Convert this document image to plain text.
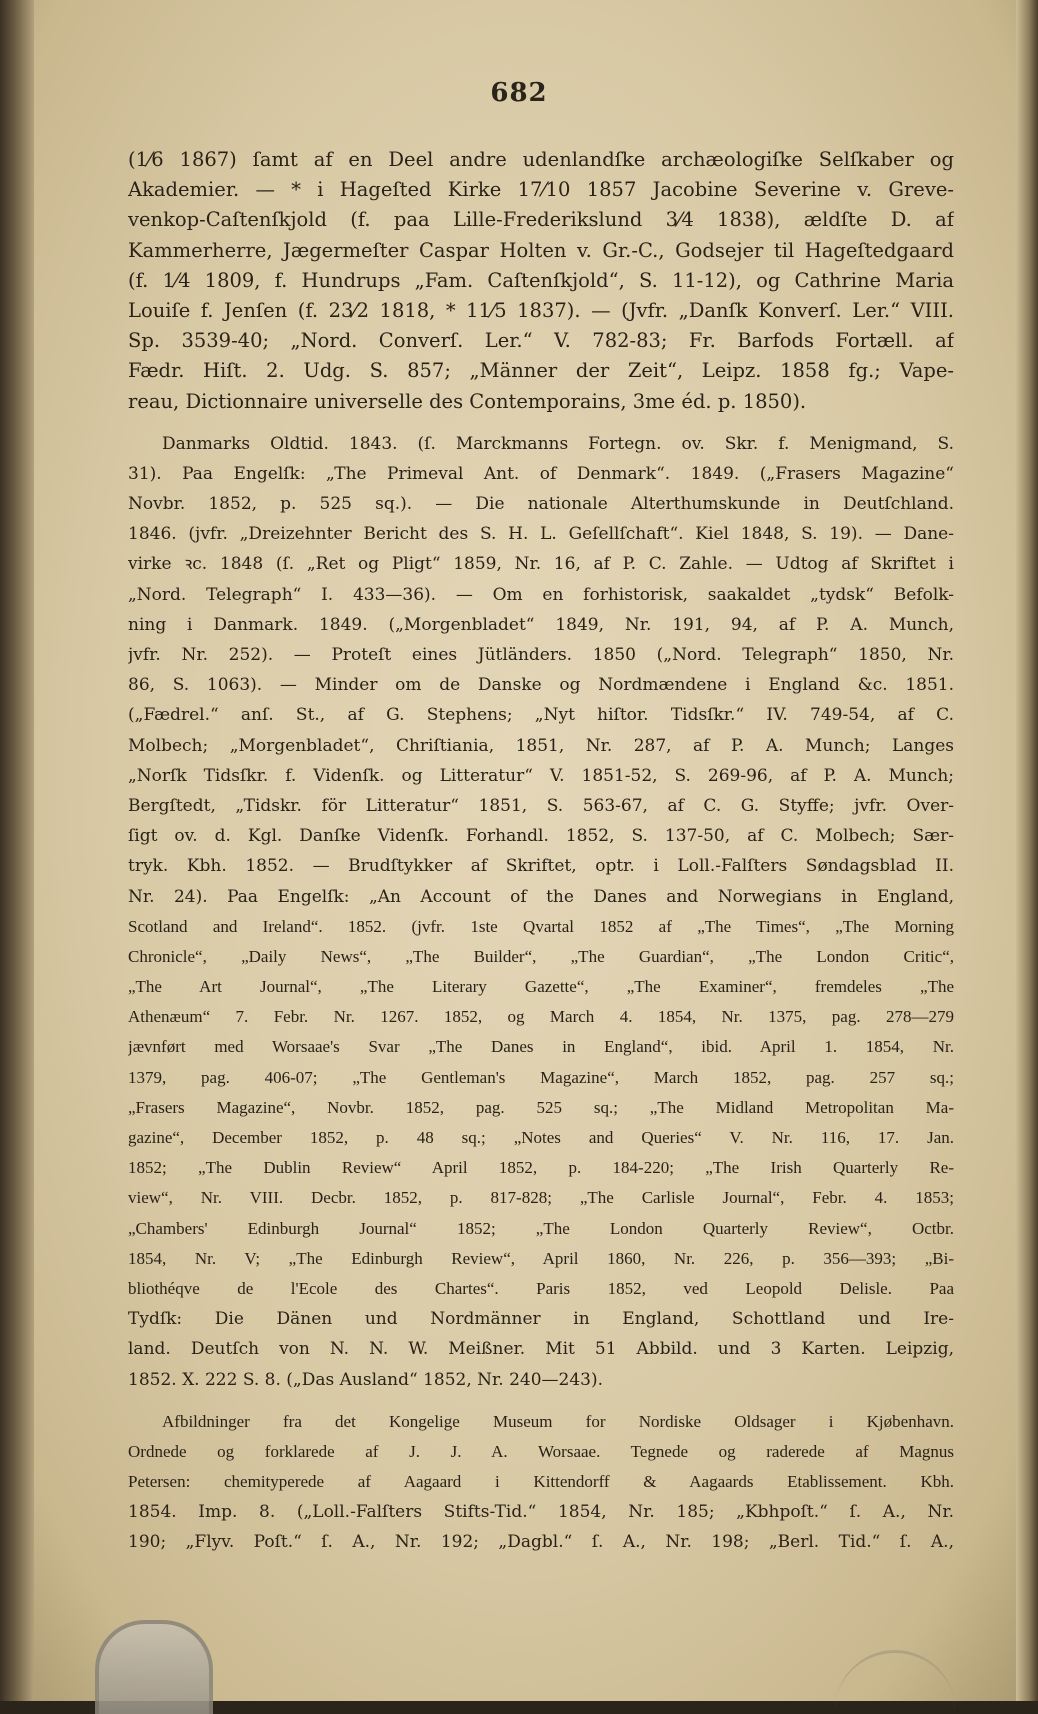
682
(1⁄6 1867) ſamt af en Deel andre udenlandſke archæologiſke Selſkaber og
Akademier. — * i Hageſted Kirke 17⁄10 1857 Jacobine Severine v. Greve-
venkop-Caſtenſkjold (f. paa Lille-Frederikslund 3⁄4 1838), ældſte D. af
Kammerherre, Jægermeſter Caspar Holten v. Gr.-C., Godsejer til Hageſtedgaard
(f. 1⁄4 1809, f. Hundrups „Fam. Caſtenſkjold“, S. 11-12), og Cathrine Maria
Louiſe f. Jenſen (f. 23⁄2 1818, * 11⁄5 1837). — (Jvfr. „Danſk Konverſ. Ler.“ VIII.
Sp. 3539-40; „Nord. Converſ. Ler.“ V. 782-83; Fr. Barfods Fortæll. af
Fædr. Hiſt. 2. Udg. S. 857; „Männer der Zeit“, Leipz. 1858 fg.; Vape-
reau, Dictionnaire universelle des Contemporains, 3me éd. p. 1850).
Danmarks Oldtid. 1843. (ſ. Marckmanns Fortegn. ov. Skr. f. Menigmand, S.
31). Paa Engelſk: „The Primeval Ant. of Denmark“. 1849. („Frasers Magazine“
Novbr. 1852, p. 525 sq.). — Die nationale Alterthumskunde in Deutſchland.
1846. (jvfr. „Dreizehnter Bericht des S. H. L. Geſellſchaft“. Kiel 1848, S. 19). — Dane-
virke ꝛc. 1848 (ſ. „Ret og Pligt“ 1859, Nr. 16, af P. C. Zahle. — Udtog af Skriftet i
„Nord. Telegraph“ I. 433—36). — Om en forhistorisk, saakaldet „tydsk“ Befolk-
ning i Danmark. 1849. („Morgenbladet“ 1849, Nr. 191, 94, af P. A. Munch,
jvfr. Nr. 252). — Proteſt eines Jütländers. 1850 („Nord. Telegraph“ 1850, Nr.
86, S. 1063). — Minder om de Danske og Nordmændene i England &c. 1851.
(„Fædrel.“ anſ. St., af G. Stephens; „Nyt hiſtor. Tidsſkr.“ IV. 749-54, af C.
Molbech; „Morgenbladet“, Chriſtiania, 1851, Nr. 287, af P. A. Munch; Langes
„Norſk Tidsſkr. f. Videnſk. og Litteratur“ V. 1851-52, S. 269-96, af P. A. Munch;
Bergſtedt, „Tidskr. för Litteratur“ 1851, S. 563-67, af C. G. Styffe; jvfr. Over-
ſigt ov. d. Kgl. Danſke Videnſk. Forhandl. 1852, S. 137-50, af C. Molbech; Sær-
tryk. Kbh. 1852. — Brudſtykker af Skriftet, optr. i Loll.-Falſters Søndagsblad II.
Nr. 24). Paa Engelſk: „An Account of the Danes and Norwegians in England,
Scotland and Ireland“. 1852. (jvfr. 1ste Qvartal 1852 af „The Times“, „The Morning
Chronicle“, „Daily News“, „The Builder“, „The Guardian“, „The London Critic“,
„The Art Journal“, „The Literary Gazette“, „The Examiner“, fremdeles „The
Athenæum“ 7. Febr. Nr. 1267. 1852, og March 4. 1854, Nr. 1375, pag. 278—279
jævnført med Worsaae's Svar „The Danes in England“, ibid. April 1. 1854, Nr.
1379, pag. 406-07; „The Gentleman's Magazine“, March 1852, pag. 257 sq.;
„Frasers Magazine“, Novbr. 1852, pag. 525 sq.; „The Midland Metropolitan Ma-
gazine“, December 1852, p. 48 sq.; „Notes and Queries“ V. Nr. 116, 17. Jan.
1852; „The Dublin Review“ April 1852, p. 184-220; „The Irish Quarterly Re-
view“, Nr. VIII. Decbr. 1852, p. 817-828; „The Carlisle Journal“, Febr. 4. 1853;
„Chambers' Edinburgh Journal“ 1852; „The London Quarterly Review“, Octbr.
1854, Nr. V; „The Edinburgh Review“, April 1860, Nr. 226, p. 356—393; „Bi-
bliothéqve de l'Ecole des Chartes“. Paris 1852, ved Leopold Delisle. Paa
Tydſk: Die Dänen und Nordmänner in England, Schottland und Ire-
land. Deutſch von N. N. W. Meißner. Mit 51 Abbild. und 3 Karten. Leipzig,
1852. X. 222 S. 8. („Das Ausland“ 1852, Nr. 240—243).
Afbildninger fra det Kongelige Museum for Nordiske Oldsager i Kjøbenhavn.
Ordnede og forklarede af J. J. A. Worsaae. Tegnede og raderede af Magnus
Petersen: chemityperede af Aagaard i Kittendorff & Aagaards Etablissement. Kbh.
1854. Imp. 8. („Loll.-Falſters Stifts-Tid.“ 1854, Nr. 185; „Kbhpoſt.“ ſ. A., Nr.
190; „Flyv. Poſt.“ ſ. A., Nr. 192; „Dagbl.“ ſ. A., Nr. 198; „Berl. Tid.“ ſ. A.,
